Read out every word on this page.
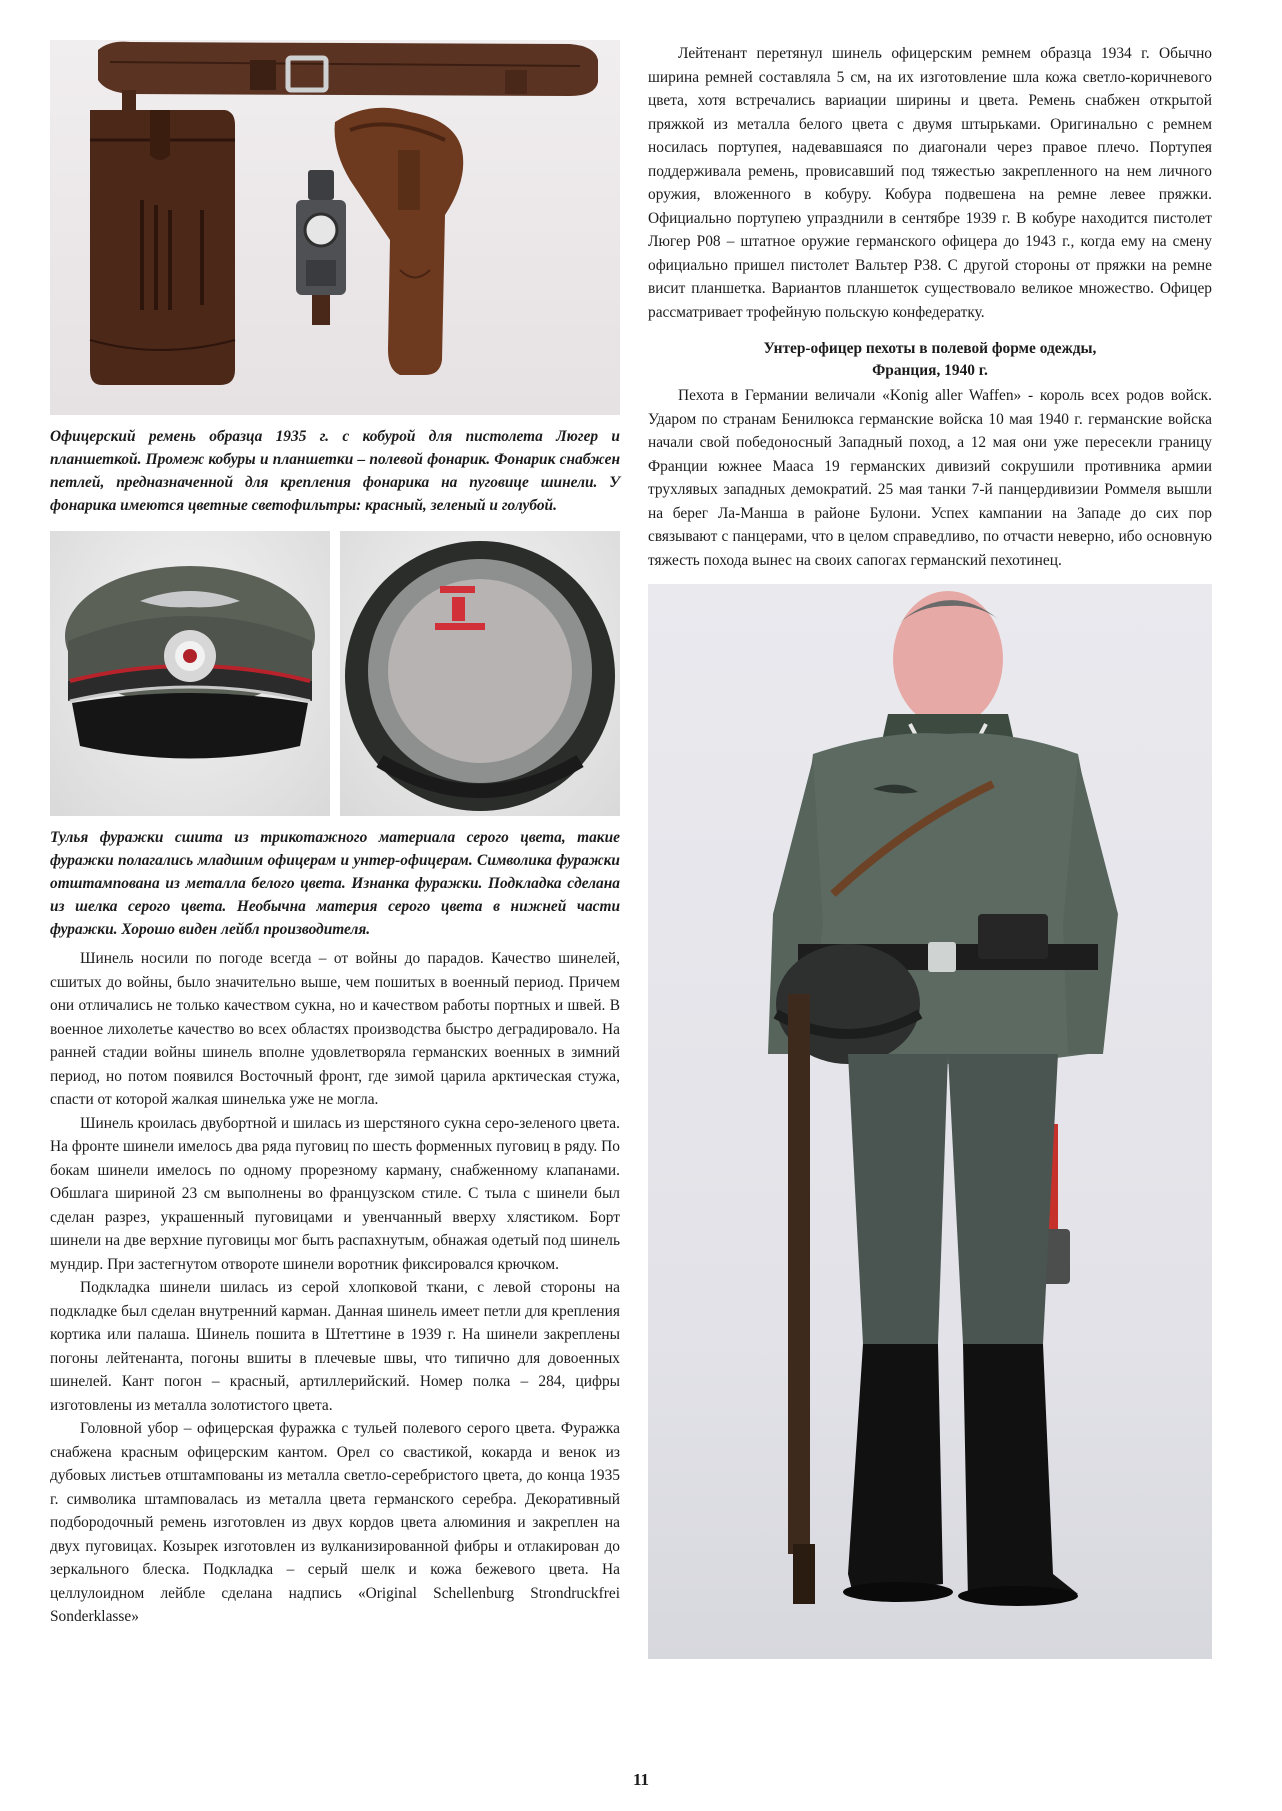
Офицерский ремень образца 1935 г. с кобурой для пистолета Люгер и планшеткой. Промеж кобуры и планшетки – полевой фонарик. Фонарик снабжен петлей, предназначенной для крепления фонарика на пуговице шинели. У фонарика имеются цветные светофильтры: красный, зеленый и голубой.
Тулья фуражки сшита из трикотажного материала серого цвета, такие фуражки полагались младшим офицерам и унтер-офицерам. Символика фуражки отштампована из металла белого цвета. Изнанка фуражки. Подкладка сделана из шелка серого цвета. Необычна материя серого цвета в нижней части фуражки. Хорошо виден лейбл производителя.

Шинель носили по погоде всегда – от войны до парадов. Качество шинелей, сшитых до войны, было значительно выше, чем пошитых в военный период. Причем они отличались не только качеством сукна, но и качеством работы портных и швей. В военное лихолетье качество во всех областях производства быстро деградировало. На ранней стадии войны шинель вполне удовлетворяла германских военных в зимний период, но потом появился Восточный фронт, где зимой царила арктическая стужа, спасти от которой жалкая шинелька уже не могла.

Шинель кроилась двубортной и шилась из шерстяного сукна серо-зеленого цвета. На фронте шинели имелось два ряда пуговиц по шесть форменных пуговиц в ряду. По бокам шинели имелось по одному прорезному карману, снабженному клапанами. Обшлага шириной 23 см выполнены во французском стиле. С тыла с шинели был сделан разрез, украшенный пуговицами и увенчанный вверху хлястиком. Борт шинели на две верхние пуговицы мог быть распахнутым, обнажая одетый под шинель мундир. При застегнутом отвороте шинели воротник фиксировался крючком.

Подкладка шинели шилась из серой хлопковой ткани, с левой стороны на подкладке был сделан внутренний карман. Данная шинель имеет петли для крепления кортика или палаша. Шинель пошита в Штеттине в 1939 г. На шинели закреплены погоны лейтенанта, погоны вшиты в плечевые швы, что типично для довоенных шинелей. Кант погон – красный, артиллерийский. Номер полка – 284, цифры изготовлены из металла золотистого цвета.

Головной убор – офицерская фуражка с тульей полевого серого цвета. Фуражка снабжена красным офицерским кантом. Орел со свастикой, кокарда и венок из дубовых листьев отштампованы из металла светло-серебристого цвета, до конца 1935 г. символика штамповалась из металла цвета германского серебра. Декоративный подбородочный ремень изготовлен из двух кордов цвета алюминия и закреплен на двух пуговицах. Козырек изготовлен из вулканизированной фибры и отлакирован до зеркального блеска. Подкладка – серый шелк и кожа бежевого цвета. На целлулоидном лейбле сделана надпись «Original Schellenburg Strondruckfrei Sonderklasse»

Лейтенант перетянул шинель офицерским ремнем образца 1934 г. Обычно ширина ремней составляла 5 см, на их изготовление шла кожа светло-коричневого цвета, хотя встречались вариации ширины и цвета. Ремень снабжен открытой пряжкой из металла белого цвета с двумя штырьками. Оригинально с ремнем носилась портупея, надевавшаяся по диагонали через правое плечо. Портупея поддерживала ремень, провисавший под тяжестью закрепленного на нем личного оружия, вложенного в кобуру. Кобура подвешена на ремне левее пряжки. Официально портупею упразднили в сентябре 1939 г. В кобуре находится пистолет Люгер Р08 – штатное оружие германского офицера до 1943 г., когда ему на смену официально пришел пистолет Вальтер Р38. С другой стороны от пряжки на ремне висит планшетка. Вариантов планшеток существовало великое множество. Офицер рассматривает трофейную польскую конфедератку.

Унтер-офицер пехоты в полевой форме одежды,
Франция, 1940 г.

Пехота в Германии величали «Konig aller Waffen» - король всех родов войск. Ударом по странам Бенилюкса германские войска 10 мая 1940 г. германские войска начали свой победоносный Западный поход, а 12 мая они уже пересекли границу Франции южнее Мааса 19 германских дивизий сокрушили противника армии трухлявых западных демократий. 25 мая танки 7-й панцердивизии Роммеля вышли на берег Ла-Манша в районе Булони. Успех кампании на Западе до сих пор связывают с панцерами, что в целом справедливо, по отчасти неверно, ибо основную тяжесть похода вынес на своих сапогах германский пехотинец.

11
